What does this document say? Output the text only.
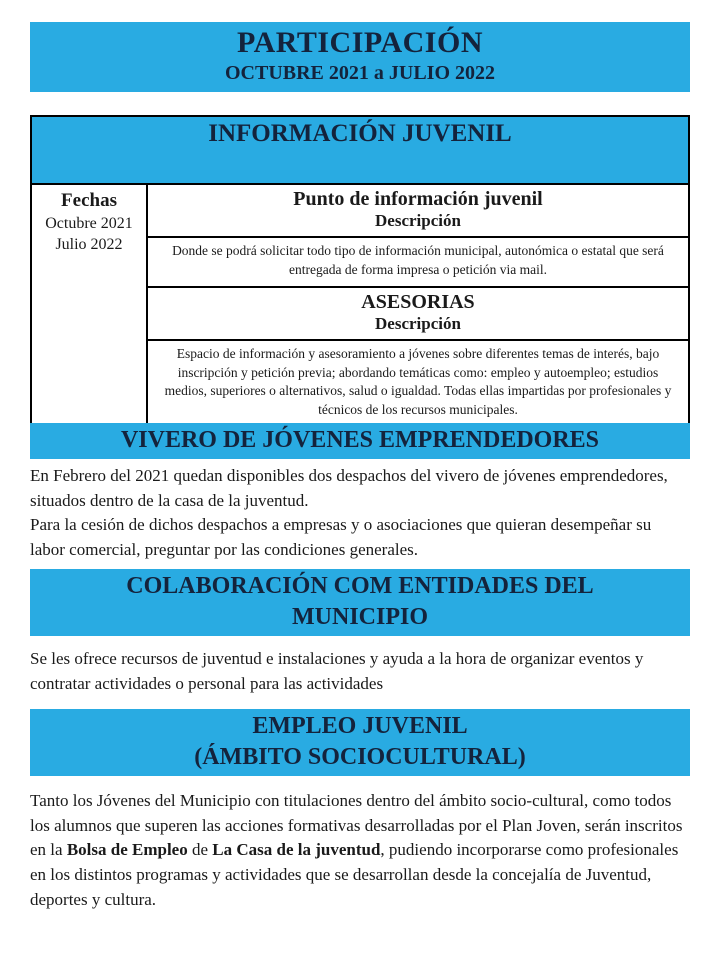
PARTICIPACIÓN
OCTUBRE 2021 a JULIO 2022
INFORMACIÓN JUVENIL
Fechas
Octubre 2021
Julio 2022
Punto de información juvenil
Descripción
Donde se podrá solicitar todo tipo de información municipal, autonómica o estatal que será entregada de forma impresa o petición via mail.
ASESORIAS
Descripción
Espacio de información y asesoramiento a jóvenes sobre diferentes temas de interés, bajo inscripción y petición previa; abordando temáticas como: empleo y autoempleo; estudios medios, superiores o alternativos, salud o igualdad. Todas ellas impartidas por profesionales y técnicos de los recursos municipales.
VIVERO DE JÓVENES EMPRENDEDORES
En Febrero del 2021 quedan disponibles dos despachos del vivero de jóvenes emprendedores, situados dentro de la casa de la juventud.
Para la cesión de dichos despachos a empresas y o asociaciones que quieran desempeñar su labor comercial, preguntar por las condiciones generales.
COLABORACIÓN COM ENTIDADES DEL
MUNICIPIO
Se les ofrece recursos de juventud e instalaciones y ayuda a la hora de organizar eventos y contratar actividades o personal para las actividades
EMPLEO JUVENIL
(ÁMBITO SOCIOCULTURAL)
Tanto los Jóvenes del Municipio con titulaciones dentro del ámbito socio-cultural, como todos los alumnos que superen las acciones formativas desarrolladas por el Plan Joven, serán inscritos en la Bolsa de Empleo de La Casa de la juventud, pudiendo incorporarse como profesionales en los distintos programas y actividades que se desarrollan desde la concejalía de Juventud, deportes y cultura.
